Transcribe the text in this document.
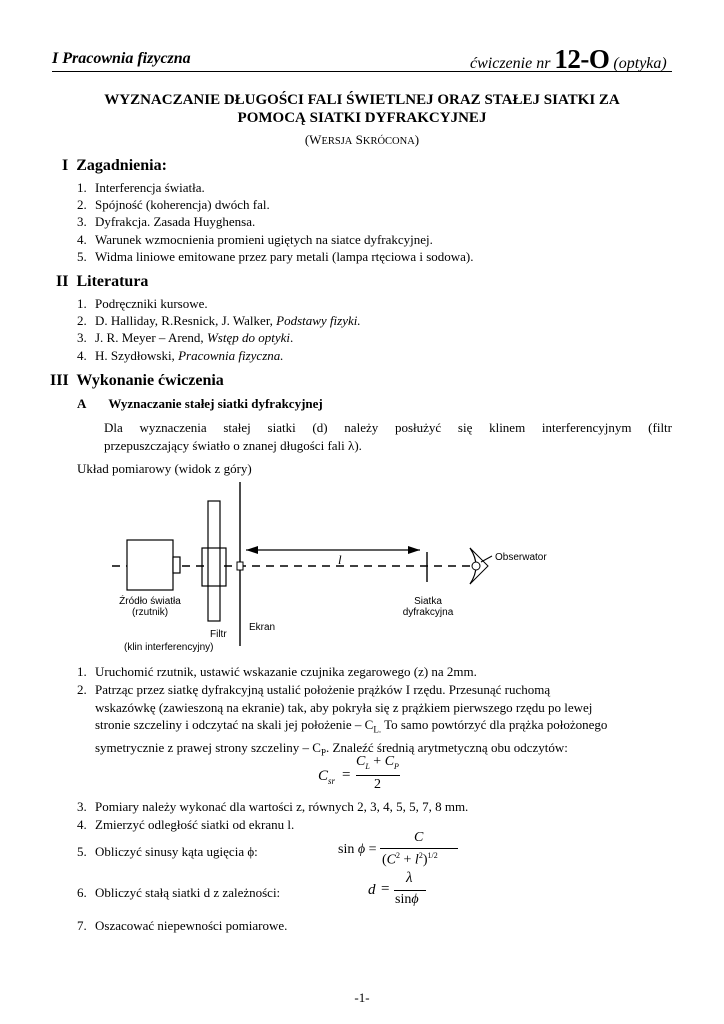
I Pracownia fizyczna	ćwiczenie nr 12-O (optyka)
WYZNACZANIE DŁUGOŚCI FALI ŚWIETLNEJ ORAZ STAŁEJ SIATKI ZA
POMOCĄ SIATKI DYFRAKCYJNEJ
(WERSJA SKRÓCONA)
I Zagadnienia:
1. Interferencja światła.
2. Spójność (koherencja) dwóch fal.
3. Dyfrakcja. Zasada Huyghensa.
4. Warunek wzmocnienia promieni ugiętych na siatce dyfrakcyjnej.
5. Widma liniowe emitowane przez pary metali (lampa rtęciowa i sodowa).
II Literatura
1. Podręczniki kursowe.
2. D. Halliday, R.Resnick, J. Walker, Podstawy fizyki.
3. J. R. Meyer – Arend, Wstęp do optyki.
4. H. Szydłowski, Pracownia fizyczna.
III Wykonanie ćwiczenia
A Wyznaczanie stałej siatki dyfrakcyjnej
Dla wyznaczenia stałej siatki (d) należy posłużyć się klinem interferencyjnym (filtr
przepuszczający światło o znanej długości fali λ).
Układ pomiarowy (widok z góry)
l
Źródło światła
(rzutnik)
Siatka
dyfrakcyjna
Obserwator
Ekran
Filtr
(klin interferencyjny)
1. Uruchomić rzutnik, ustawić wskazanie czujnika zegarowego (z) na 2mm.
2. Patrząc przez siatkę dyfrakcyjną ustalić położenie prążków I rzędu. Przesunąć ruchomą
wskazówkę (zawieszoną na ekranie) tak, aby pokryła się z prążkiem pierwszego rzędu po lewej
stronie szczeliny i odczytać na skali jej położenie – $C_{L.}$ To samo powtórzyć dla prążka położonego
symetrycznie z prawej strony szczeliny – $C_P$. Znaleźć średnią arytmetyczną obu odczytów:
$C_{sr}$ =
$C_L + C_P$
2
3. Pomiary należy wykonać dla wartości z, równych 2, 3, 4, 5, 5, 7, 8 mm.
4. Zmierzyć odległość siatki od ekranu l.
5. Obliczyć sinusy kąta ugięcia ϕ:	sin ϕ =
C
$(C^2 + l^2)^{1/2}$
6. Obliczyć stałą siatki d z zależności:	d =
λ
sinϕ
7. Oszacować niepewności pomiarowe.
-1-
